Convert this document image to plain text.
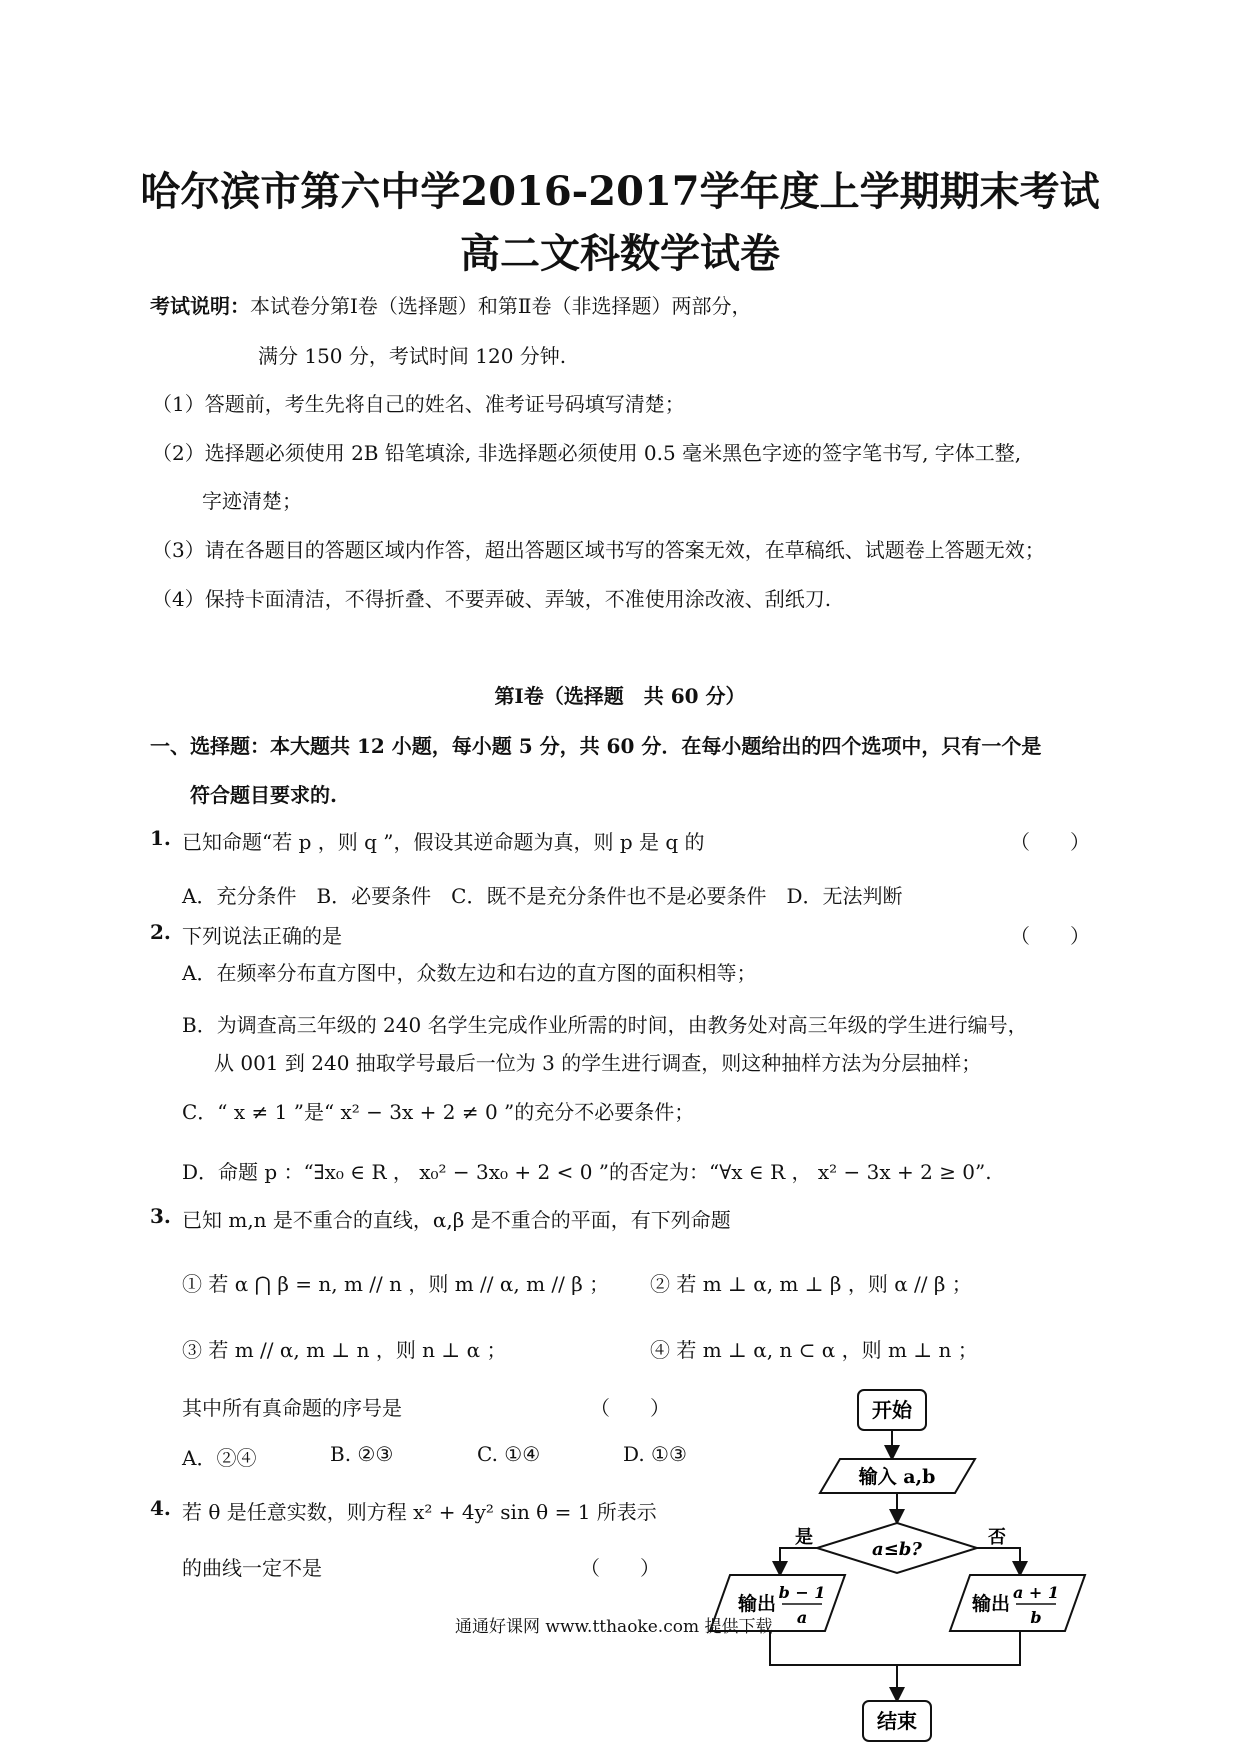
哈尔滨市第六中学2016-2017学年度上学期期末考试
高二文科数学试卷
考试说明：本试卷分第Ⅰ卷（选择题）和第Ⅱ卷（非选择题）两部分，
满分 150 分，考试时间 120 分钟.
（1）答题前，考生先将自己的姓名、准考证号码填写清楚；
（2）选择题必须使用 2B 铅笔填涂, 非选择题必须使用 0.5 毫米黑色字迹的签字笔书写, 字体工整,
字迹清楚；
（3）请在各题目的答题区域内作答，超出答题区域书写的答案无效，在草稿纸、试题卷上答题无效；
（4）保持卡面清洁，不得折叠、不要弄破、弄皱，不准使用涂改液、刮纸刀.
第Ⅰ卷（选择题　共 60 分）
一、选择题：本大题共 12 小题，每小题 5 分，共 60 分．在每小题给出的四个选项中，只有一个是
符合题目要求的.
1. 已知命题“若 p ，则 q ”，假设其逆命题为真，则 p 是 q 的	（　　）
A．充分条件　B．必要条件　C．既不是充分条件也不是必要条件　D．无法判断
2. 下列说法正确的是	（　　）
A．在频率分布直方图中，众数左边和右边的直方图的面积相等；
B．为调查高三年级的 240 名学生完成作业所需的时间，由教务处对高三年级的学生进行编号，
从 001 到 240 抽取学号最后一位为 3 的学生进行调查，则这种抽样方法为分层抽样；
C．“ x ≠ 1 ”是“ x² − 3x + 2 ≠ 0 ”的充分不必要条件；
D．命题 p ：“∃x₀ ∈ R ， x₀² − 3x₀ + 2 < 0 ”的否定为：“∀x ∈ R ， x² − 3x + 2 ≥ 0”.
3. 已知 m,n 是不重合的直线，α,β 是不重合的平面，有下列命题
① 若 α ⋂ β = n, m // n ，则 m // α, m // β ； ② 若 m ⊥ α, m ⊥ β ，则 α // β ；
③ 若 m // α, m ⊥ n ，则 n ⊥ α ；	④ 若 m ⊥ α, n ⊂ α ，则 m ⊥ n ；
其中所有真命题的序号是	（　　）
A．②④	B. ②③	C. ①④	D. ①③
4. 若 θ 是任意实数，则方程 x² + 4y² sin θ = 1 所表示
的曲线一定不是	（　　）
开始
输入 a,b
a≤b?
是	否
输出
b − 1
a
输出
a + 1
b
结束
通通好课网 www.tthaoke.com 提供下载
